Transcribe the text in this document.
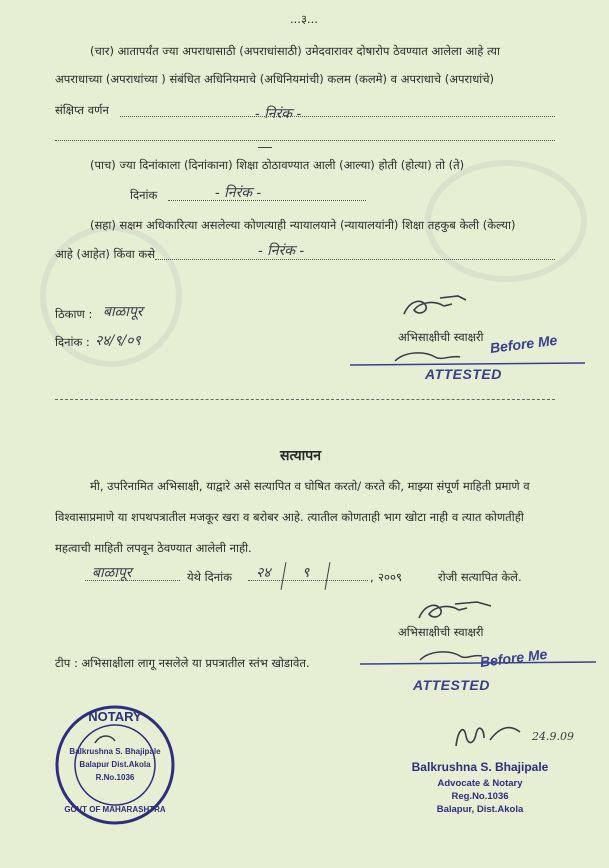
...३...
(चार) आतापर्यंत ज्या अपराधासाठी (अपराधांसाठी) उमेदवारावर दोषारोप ठेवण्यात आलेला आहे त्या
अपराधाच्या (अपराधांच्या ) संबंधित अधिनियमाचे (अधिनियमांची) कलम (कलमे) व अपराधाचे (अपराधांचे)
संक्षिप्त वर्णन	- निरंक -
(पाच) ज्या दिनांकाला (दिनांकाना) शिक्षा ठोठावण्यात आली (आल्या) होती (होत्या) तो (ते)
दिनांक	- निरंक -
(सहा) सक्षम अधिकारित्या असलेल्या कोणत्याही न्यायालयाने (न्यायालयांनी) शिक्षा तहकुब केली (केल्या)
आहे (आहेत) किंवा कसे	- निरंक -
ठिकाण : बाळापूर
दिनांक : २४/९/०९	अभिसाक्षीची स्वाक्षरी Before Me
ATTESTED
सत्यापन
मी, उपरिनामित अभिसाक्षी, याद्वारे असे सत्यापित व घोषित करतो/ करते की, माझ्या संपूर्ण माहिती प्रमाणे व
विश्वासाप्रमाणे या शपथपत्रातील मजकूर खरा व बरोबर आहे. त्यातील कोणताही भाग खोटा नाही व त्यात कोणतीही
महत्वाची माहिती लपवून ठेवण्यात आलेली नाही.
बाळापूर	येथे दिनांक २४ ९	, २००९	रोजी सत्यापित केले.
अभिसाक्षीची स्वाक्षरी
टीप : अभिसाक्षीला लागू नसलेले या प्रपत्रातील स्तंभ खोडावेत.	Before Me
ATTESTED
NOTARY
Balkrushna S. Bhajipale
Balapur Dist.Akola
R.No.1036
GOVT OF MAHARASHTRA
24.9.09
Balkrushna S. Bhajipale
Advocate & Notary
Reg.No.1036
Balapur, Dist.Akola
